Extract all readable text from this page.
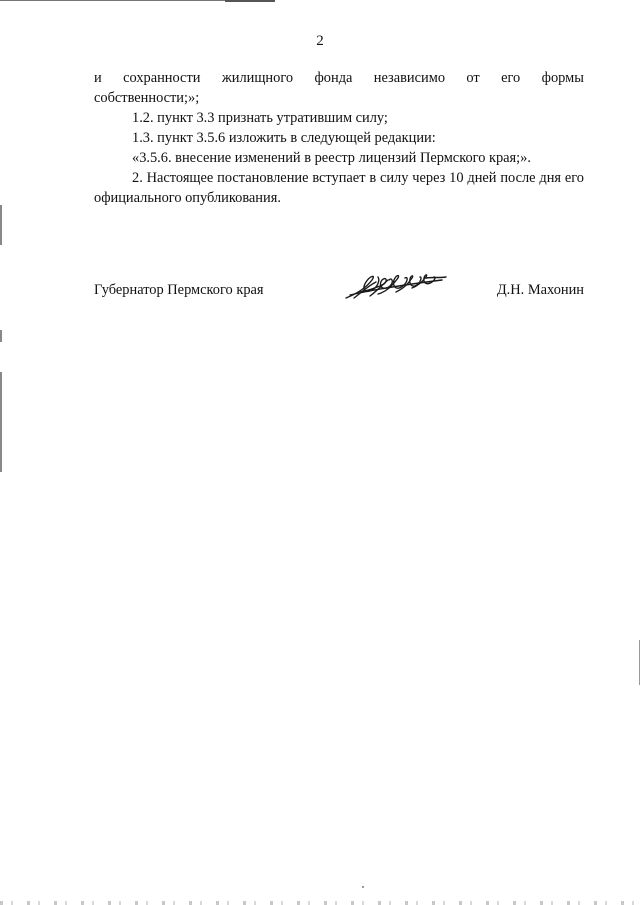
2
и сохранности жилищного фонда независимо от его формы

собственности;»;

1.2. пункт 3.3 признать утратившим силу;

1.3. пункт 3.5.6 изложить в следующей редакции:

«3.5.6. внесение изменений в реестр лицензий Пермского края;».

2. Настоящее постановление вступает в силу через 10 дней после дня его официального опубликования.

Губернатор Пермского края	Д.Н. Махонин
